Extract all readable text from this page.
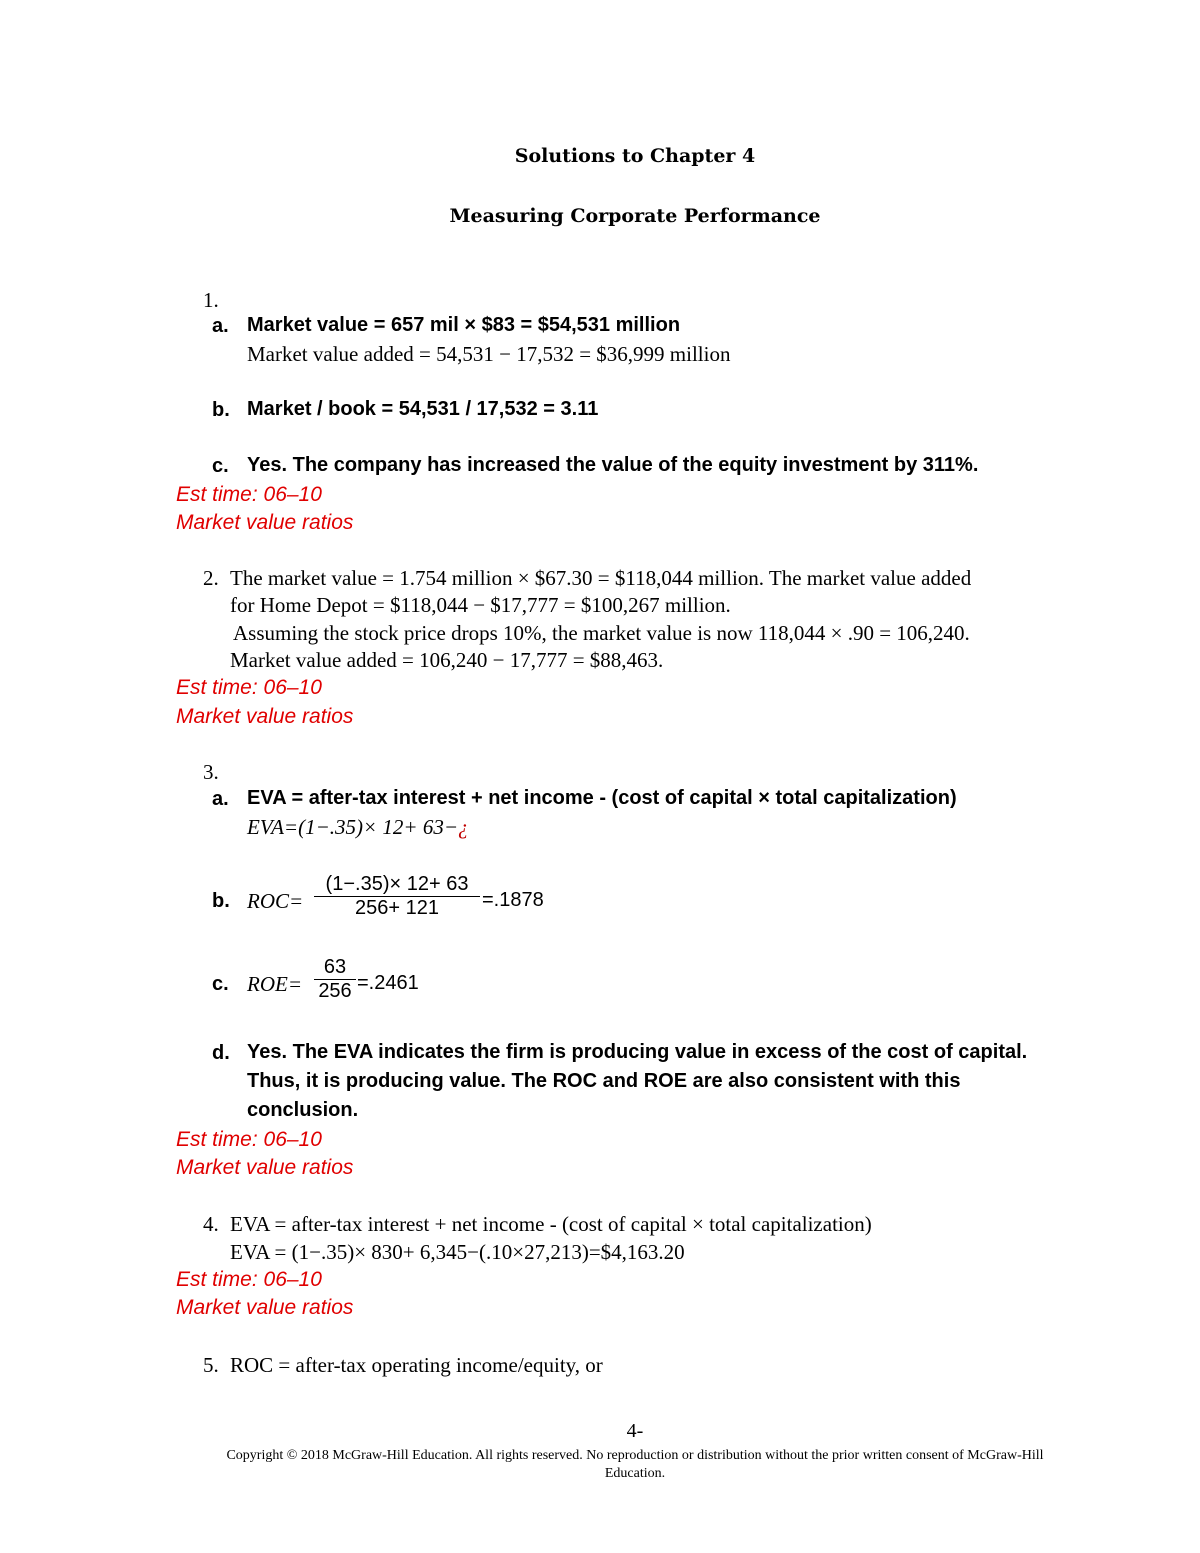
Solutions to Chapter 4
Measuring Corporate Performance
1.
a. Market value = 657 mil × $83 = $54,531 million
Market value added = 54,531 − 17,532 = $36,999 million
b. Market / book = 54,531 / 17,532 = 3.11
c. Yes. The company has increased the value of the equity investment by 311%.
Est time: 06–10
Market value ratios
2. The market value = 1.754 million × $67.30 = $118,044 million. The market value added
for Home Depot = $118,044 − $17,777 = $100,267 million.
Assuming the stock price drops 10%, the market value is now 118,044 × .90 = 106,240.
Market value added = 106,240 − 17,777 = $88,463.
Est time: 06–10
Market value ratios
3.
a. EVA = after-tax interest + net income - (cost of capital × total capitalization)
EVA=(1−.35)× 12+ 63−¿
b. ROC=
(1−.35)× 12+ 63
256+ 121	=.1878
c. ROE=
63
256 =.2461
d. Yes. The EVA indicates the firm is producing value in excess of the cost of capital.
Thus, it is producing value. The ROC and ROE are also consistent with this
conclusion.
Est time: 06–10
Market value ratios
4. EVA = after-tax interest + net income - (cost of capital × total capitalization)
EVA = (1−.35)× 830+ 6,345−(.10×27,213)=$4,163.20
Est time: 06–10
Market value ratios
5. ROC = after-tax operating income/equity, or
4-
Copyright © 2018 McGraw-Hill Education. All rights reserved. No reproduction or distribution without the prior written consent of McGraw-Hill
Education.
